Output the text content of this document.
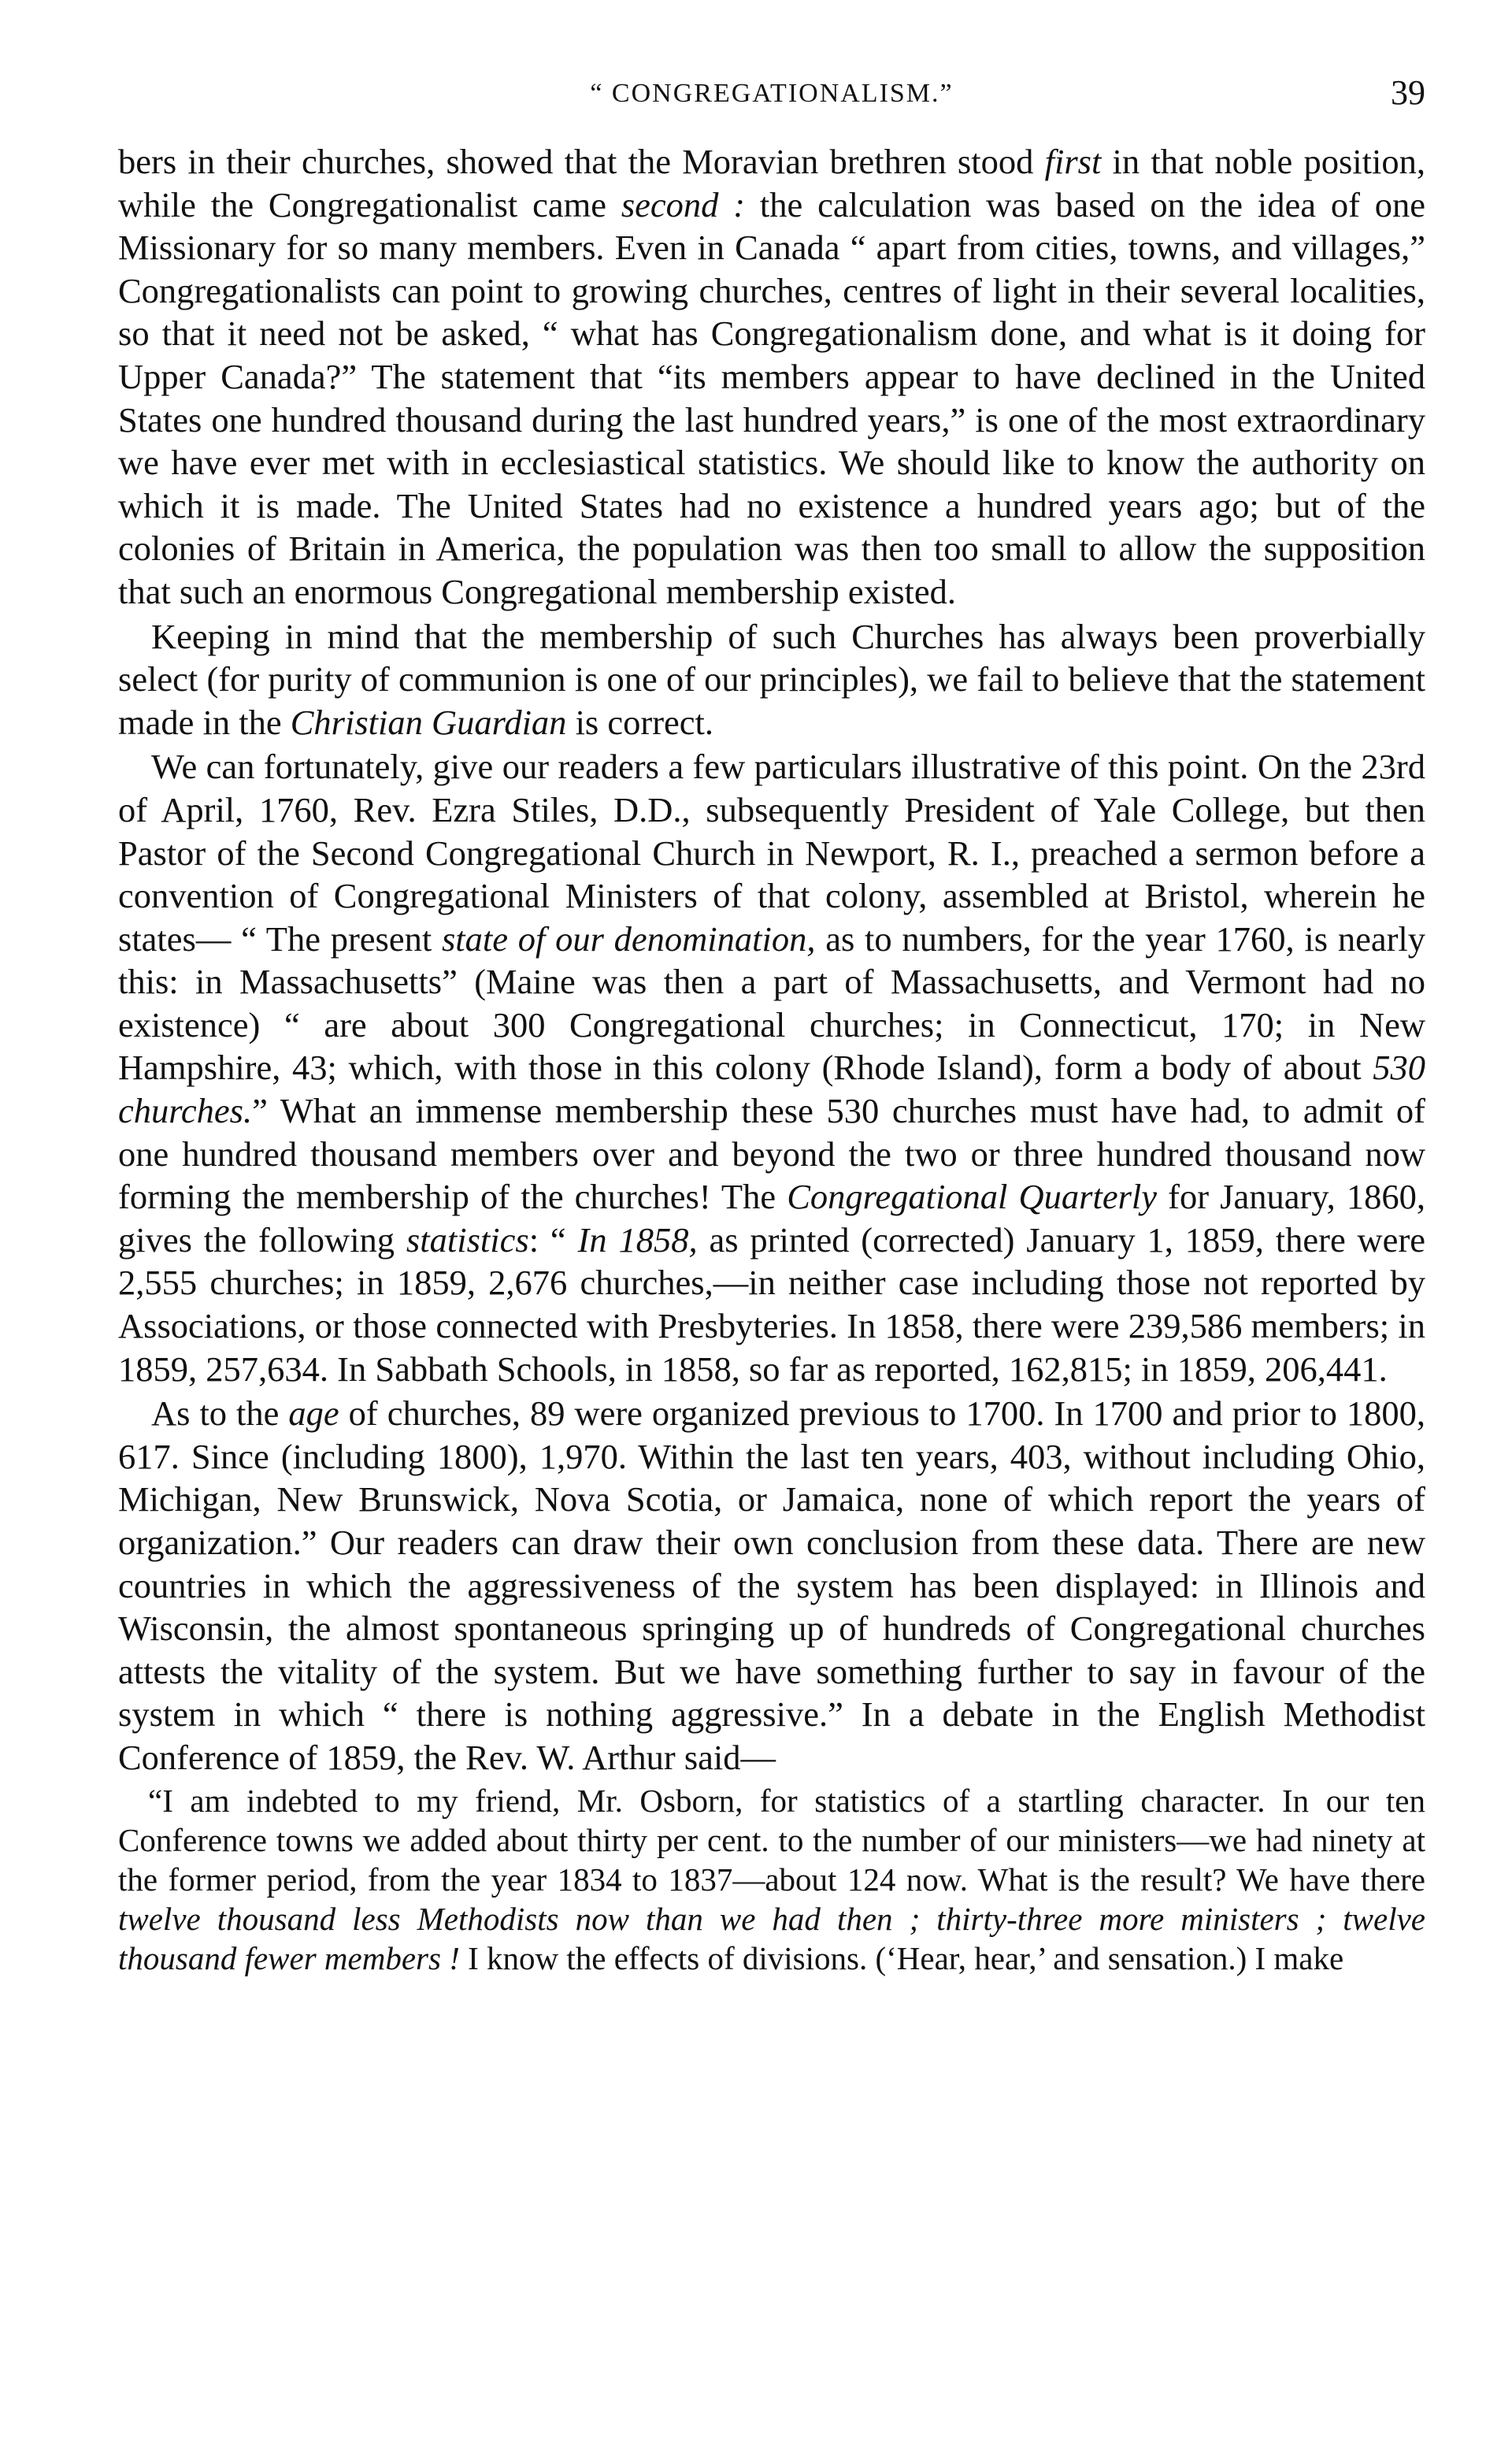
“ CONGREGATIONALISM.”	39

bers in their churches, showed that the Moravian brethren stood first in that noble position, while the Congregationalist came second : the calculation was based on the idea of one Missionary for so many members. Even in Canada “ apart from cities, towns, and villages,” Congregationalists can point to growing churches, centres of light in their several localities, so that it need not be asked, “ what has Congregationalism done, and what is it doing for Upper Canada?” The statement that “its members appear to have declined in the United States one hundred thousand during the last hundred years,” is one of the most extraordinary we have ever met with in ecclesiastical statistics. We should like to know the authority on which it is made. The United States had no existence a hundred years ago; but of the colonies of Britain in America, the population was then too small to allow the supposition that such an enormous Congregational membership existed.

Keeping in mind that the membership of such Churches has always been proverbially select (for purity of communion is one of our principles), we fail to believe that the statement made in the Christian Guardian is correct.

We can fortunately, give our readers a few particulars illustrative of this point. On the 23rd of April, 1760, Rev. Ezra Stiles, D.D., subsequently President of Yale College, but then Pastor of the Second Congregational Church in Newport, R. I., preached a sermon before a convention of Congregational Ministers of that colony, assembled at Bristol, wherein he states— “ The present state of our denomination, as to numbers, for the year 1760, is nearly this: in Massachusetts” (Maine was then a part of Massachusetts, and Vermont had no existence) “ are about 300 Congregational churches; in Connecticut, 170; in New Hampshire, 43; which, with those in this colony (Rhode Island), form a body of about 530 churches.” What an immense membership these 530 churches must have had, to admit of one hundred thousand members over and beyond the two or three hundred thousand now forming the membership of the churches! The Congregational Quarterly for January, 1860, gives the following statistics: “ In 1858, as printed (corrected) January 1, 1859, there were 2,555 churches; in 1859, 2,676 churches,—in neither case including those not reported by Associations, or those connected with Presbyteries. In 1858, there were 239,586 members; in 1859, 257,634. In Sabbath Schools, in 1858, so far as reported, 162,815; in 1859, 206,441.

As to the age of churches, 89 were organized previous to 1700. In 1700 and prior to 1800, 617. Since (including 1800), 1,970. Within the last ten years, 403, without including Ohio, Michigan, New Brunswick, Nova Scotia, or Jamaica, none of which report the years of organization.” Our readers can draw their own conclusion from these data. There are new countries in which the aggressiveness of the system has been displayed: in Illinois and Wisconsin, the almost spontaneous springing up of hundreds of Congregational churches attests the vitality of the system. But we have something further to say in favour of the system in which “ there is nothing aggressive.” In a debate in the English Methodist Conference of 1859, the Rev. W. Arthur said—

“I am indebted to my friend, Mr. Osborn, for statistics of a startling character. In our ten Conference towns we added about thirty per cent. to the number of our ministers—we had ninety at the former period, from the year 1834 to 1837—about 124 now. What is the result? We have there twelve thousand less Methodists now than we had then ; thirty-three more ministers ; twelve thousand fewer members ! I know the effects of divisions. (‘Hear, hear,’ and sensation.) I make
